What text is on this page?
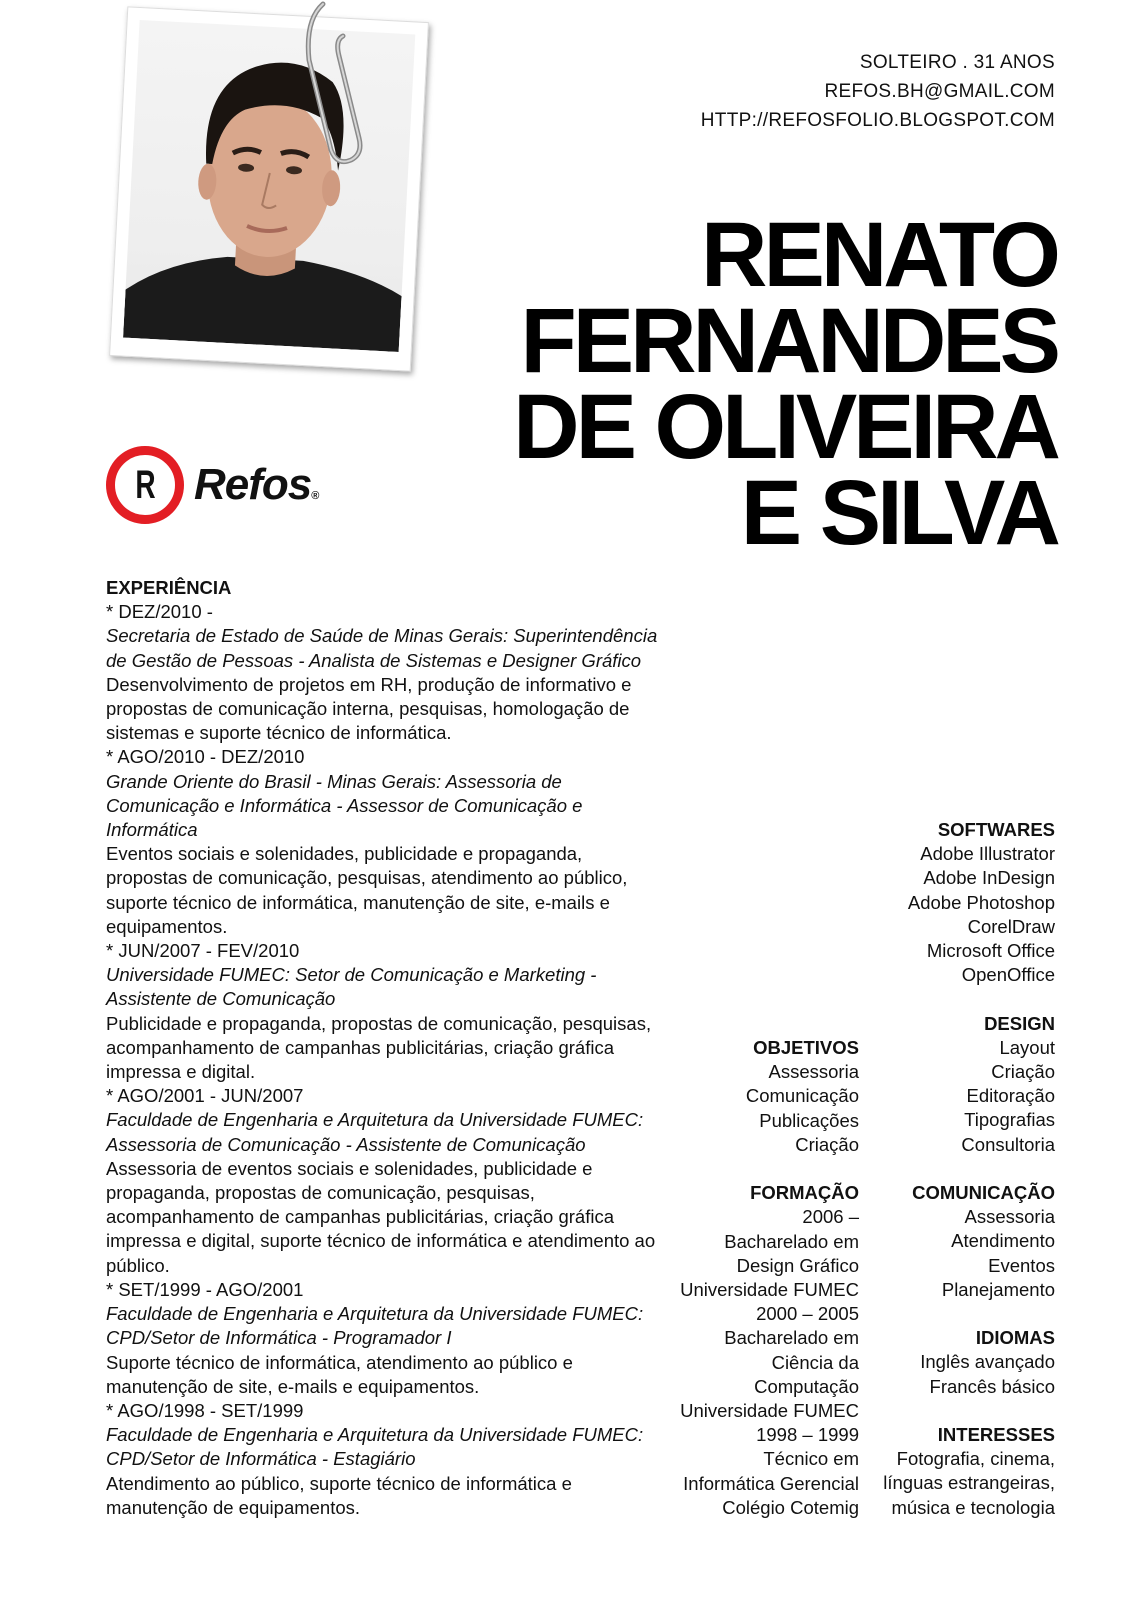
SOLTEIRO . 31 ANOS
REFOS.BH@GMAIL.COM
HTTP://REFOSFOLIO.BLOGSPOT.COM
RENATO
FERNANDES
DE OLIVEIRA
E SILVA
R Refos®
EXPERIÊNCIA
* DEZ/2010 -
Secretaria de Estado de Saúde de Minas Gerais: Superintendência de Gestão de Pessoas - Analista de Sistemas e Designer Gráfico
Desenvolvimento de projetos em RH, produção de informativo e propostas de comunicação interna, pesquisas, homologação de sistemas e suporte técnico de informática.
* AGO/2010 - DEZ/2010
Grande Oriente do Brasil - Minas Gerais: Assessoria de Comunicação e Informática - Assessor de Comunicação e Informática
Eventos sociais e solenidades, publicidade e propaganda, propostas de comunicação, pesquisas, atendimento ao público, suporte técnico de informática, manutenção de site, e-mails e equipamentos.
* JUN/2007 - FEV/2010
Universidade FUMEC: Setor de Comunicação e Marketing - Assistente de Comunicação
Publicidade e propaganda, propostas de comunicação, pesquisas, acompanhamento de campanhas publicitárias, criação gráfica impressa e digital.
* AGO/2001 - JUN/2007
Faculdade de Engenharia e Arquitetura da Universidade FUMEC: Assessoria de Comunicação - Assistente de Comunicação
Assessoria de eventos sociais e solenidades, publicidade e propaganda, propostas de comunicação, pesquisas, acompanhamento de campanhas publicitárias, criação gráfica impressa e digital, suporte técnico de informática e atendimento ao público.
* SET/1999 - AGO/2001
Faculdade de Engenharia e Arquitetura da Universidade FUMEC: CPD/Setor de Informática - Programador I
Suporte técnico de informática, atendimento ao público e manutenção de site, e-mails e equipamentos.
* AGO/1998 - SET/1999
Faculdade de Engenharia e Arquitetura da Universidade FUMEC: CPD/Setor de Informática - Estagiário
Atendimento ao público, suporte técnico de informática e manutenção de equipamentos.
OBJETIVOS
Assessoria
Comunicação
Publicações
Criação
FORMAÇÃO
2006 –
Bacharelado em
Design Gráfico
Universidade FUMEC
2000 – 2005
Bacharelado em
Ciência da
Computação
Universidade FUMEC
1998 – 1999
Técnico em
Informática Gerencial
Colégio Cotemig
SOFTWARES
Adobe Illustrator
Adobe InDesign
Adobe Photoshop
CorelDraw
Microsoft Office
OpenOffice
DESIGN
Layout
Criação
Editoração
Tipografias
Consultoria
COMUNICAÇÃO
Assessoria
Atendimento
Eventos
Planejamento
IDIOMAS
Inglês avançado
Francês básico
INTERESSES
Fotografia, cinema,
línguas estrangeiras,
música e tecnologia
